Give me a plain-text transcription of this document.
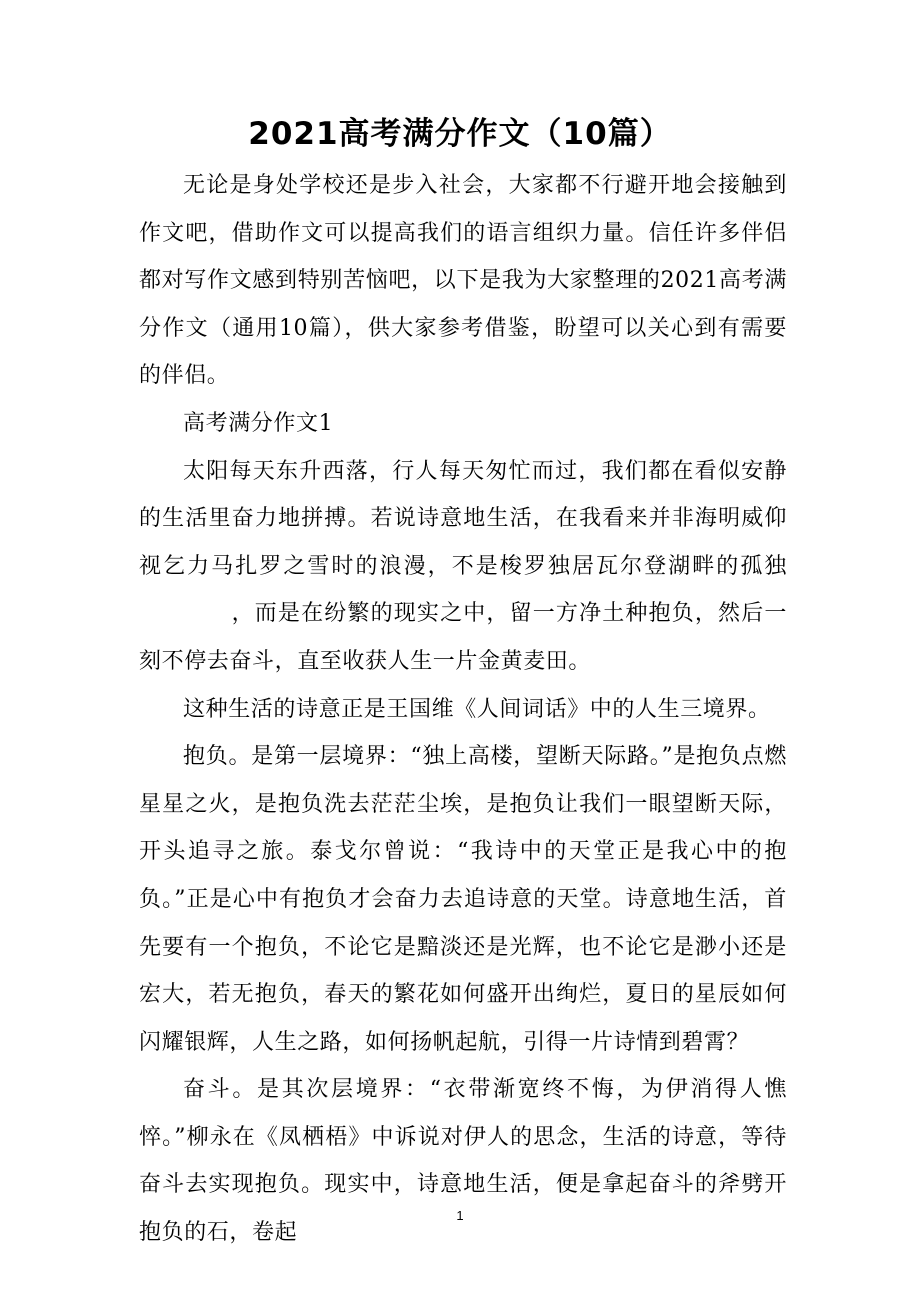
2021高考满分作文（10篇）

无论是身处学校还是步入社会，大家都不行避开地会接触到作文吧，借助作文可以提高我们的语言组织力量。信任许多伴侣都对写作文感到特别苦恼吧，以下是我为大家整理的2021高考满分作文（通用10篇），供大家参考借鉴，盼望可以关心到有需要的伴侣。

高考满分作文1

太阳每天东升西落，行人每天匆忙而过，我们都在看似安静的生活里奋力地拼搏。若说诗意地生活，在我看来并非海明威仰视乞力马扎罗之雪时的浪漫，不是梭罗独居瓦尔登湖畔的孤独，而是在纷繁的现实之中，留一方净土种抱负，然后一刻不停去奋斗，直至收获人生一片金黄麦田。

这种生活的诗意正是王国维《人间词话》中的人生三境界。

抱负。是第一层境界：“独上高楼，望断天际路。”是抱负点燃星星之火，是抱负洗去茫茫尘埃，是抱负让我们一眼望断天际，开头追寻之旅。泰戈尔曾说：“我诗中的天堂正是我心中的抱负。”正是心中有抱负才会奋力去追诗意的天堂。诗意地生活，首先要有一个抱负，不论它是黯淡还是光辉，也不论它是渺小还是宏大，若无抱负，春天的繁花如何盛开出绚烂，夏日的星辰如何闪耀银辉，人生之路，如何扬帆起航，引得一片诗情到碧霄？

奋斗。是其次层境界：“衣带渐宽终不悔，为伊消得人憔悴。”柳永在《凤栖梧》中诉说对伊人的思念，生活的诗意，等待奋斗去实现抱负。现实中，诗意地生活，便是拿起奋斗的斧劈开抱负的石，卷起

1
